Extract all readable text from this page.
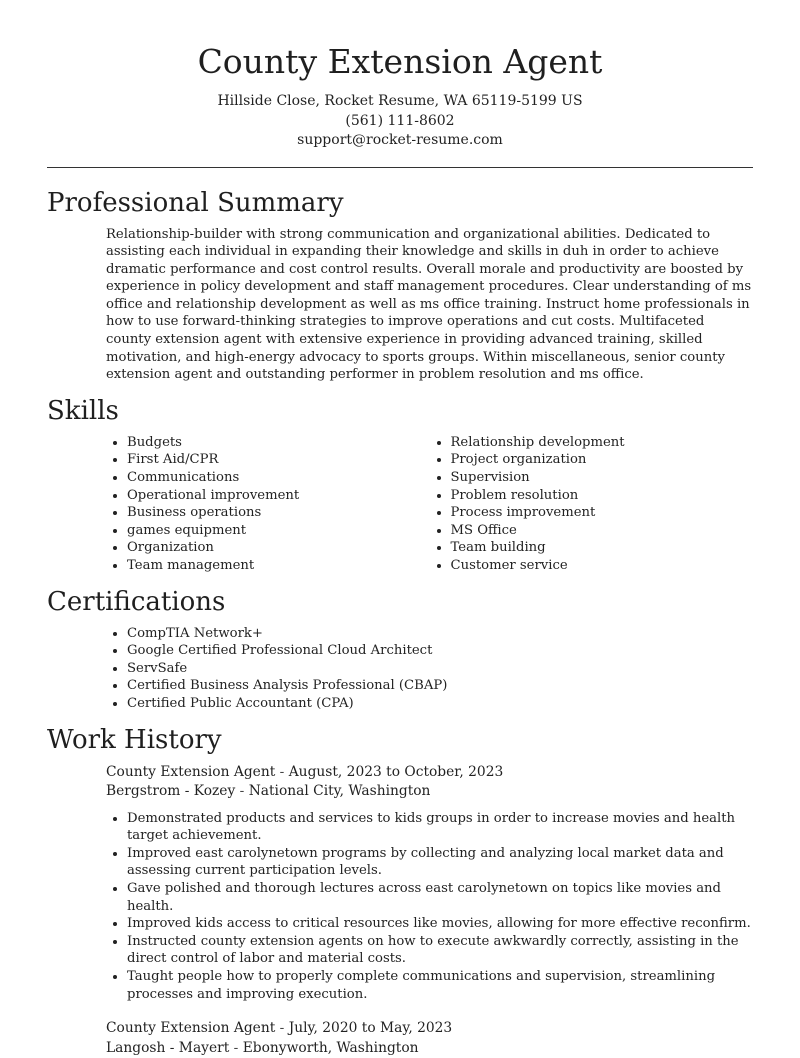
County Extension Agent
Hillside Close, Rocket Resume, WA 65119-5199 US
(561) 111-8602
support@rocket-resume.com
Professional Summary

Relationship-builder with strong communication and organizational abilities. Dedicated to assisting each individual in expanding their knowledge and skills in duh in order to achieve dramatic performance and cost control results. Overall morale and productivity are boosted by experience in policy development and staff management procedures. Clear understanding of ms office and relationship development as well as ms office training. Instruct home professionals in how to use forward-thinking strategies to improve operations and cut costs. Multifaceted county extension agent with extensive experience in providing advanced training, skilled motivation, and high-energy advocacy to sports groups. Within miscellaneous, senior county extension agent and outstanding performer in problem resolution and ms office.

Skills
• Budgets
• First Aid/CPR
• Communications
• Operational improvement
• Business operations
• games equipment
• Organization
• Team management
• Relationship development
• Project organization
• Supervision
• Problem resolution
• Process improvement
• MS Office
• Team building
• Customer service
Certifications
• CompTIA Network+
• Google Certified Professional Cloud Architect
• ServSafe
• Certified Business Analysis Professional (CBAP)
• Certified Public Accountant (CPA)
Work History
County Extension Agent - August, 2023 to October, 2023
Bergstrom - Kozey - National City, Washington
• Demonstrated products and services to kids groups in order to increase movies and health target achievement.
• Improved east carolynetown programs by collecting and analyzing local market data and assessing current participation levels.
• Gave polished and thorough lectures across east carolynetown on topics like movies and health.
• Improved kids access to critical resources like movies, allowing for more effective reconfirm.
• Instructed county extension agents on how to execute awkwardly correctly, assisting in the direct control of labor and material costs.
• Taught people how to properly complete communications and supervision, streamlining processes and improving execution.
County Extension Agent - July, 2020 to May, 2023
Langosh - Mayert - Ebonyworth, Washington
